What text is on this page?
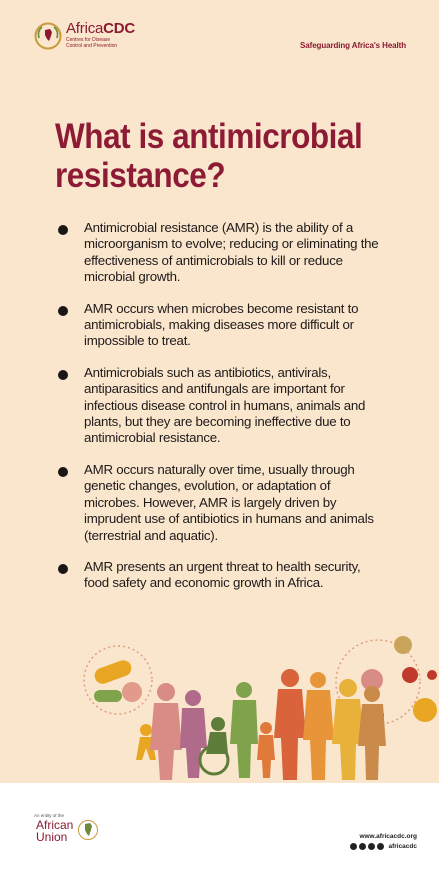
AfricaCDC
Centres for Disease Control and Prevention	Safeguarding Africa's Health
What is antimicrobial resistance?
Antimicrobial resistance (AMR) is the ability of a microorganism to evolve; reducing or eliminating the effectiveness of antimicrobials to kill or reduce microbial growth.
AMR occurs when microbes become resistant to antimicrobials, making diseases more difficult or impossible to treat.
Antimicrobials such as antibiotics, antivirals, antiparasitics and antifungals are important for infectious disease control in humans, animals and plants, but they are becoming ineffective due to antimicrobial resistance.
AMR occurs naturally over time, usually through genetic changes, evolution, or adaptation of microbes. However, AMR is largely driven by imprudent use of antibiotics in humans and animals (terrestrial and aquatic).
AMR presents an urgent threat to health security, food safety and economic growth in Africa.
An entity of the
African
Union	www.africacdc.org
africacdc
